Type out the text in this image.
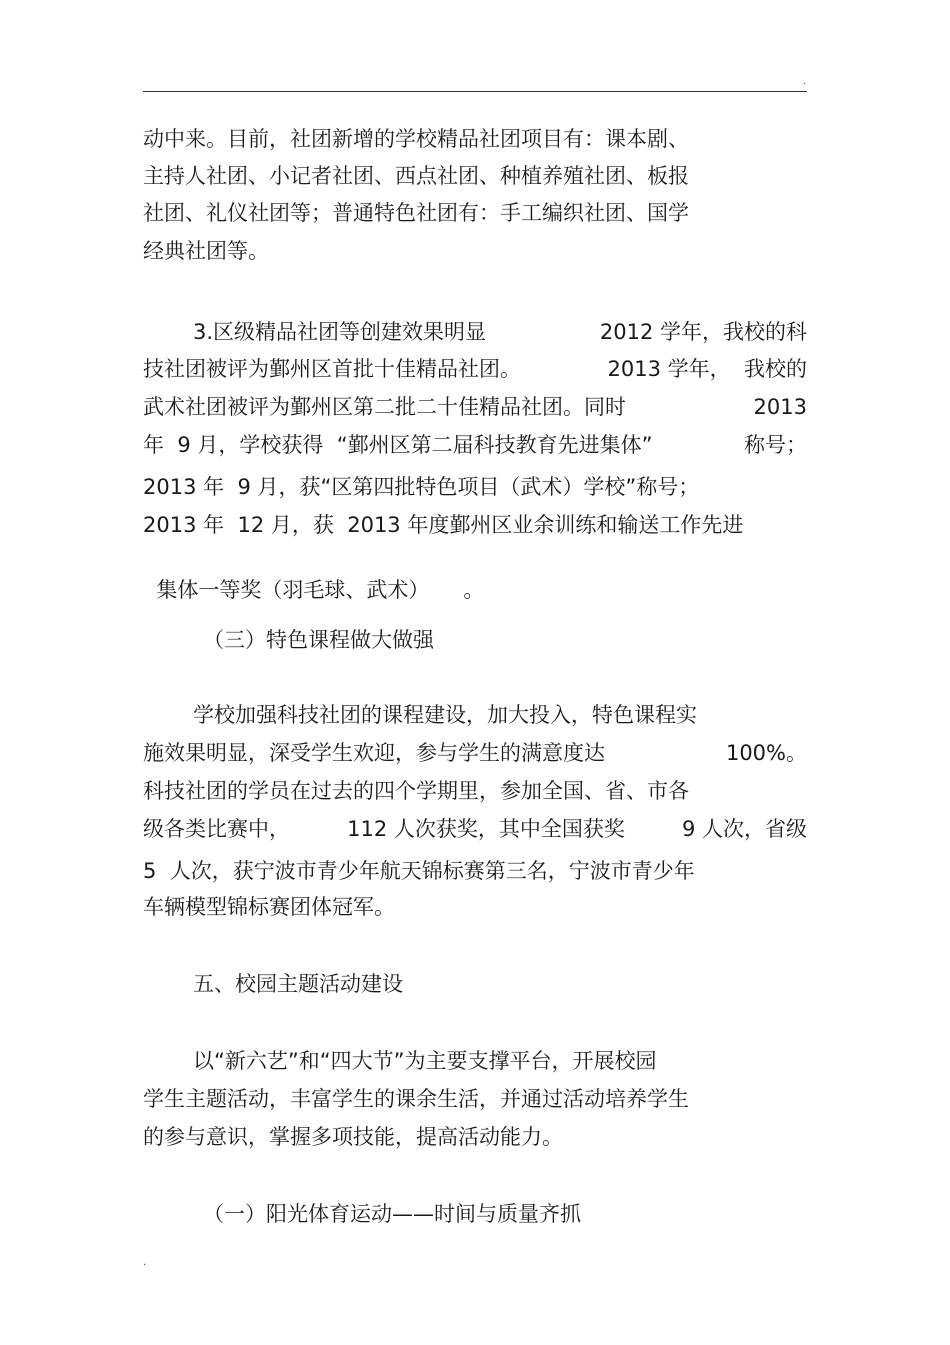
.
动中来。目前，社团新增的学校精品社团项目有：课本剧、
主持人社团、小记者社团、西点社团、种植养殖社团、板报
社团、礼仪社团等；普通特色社团有：手工编织社团、国学
经典社团等。
3.区级精品社团等创建效果明显	2012 学年，我校的科
技社团被评为鄞州区首批十佳精品社团。	2013 学年，  我校的
武术社团被评为鄞州区第二批二十佳精品社团。同时	2013
年  9 月，学校获得  “鄞州区第二届科技教育先进集体”	称号；
2013 年  9 月，获“区第四批特色项目（武术）学校”称号；
2013 年  12 月，获  2013 年度鄞州区业余训练和输送工作先进

集体一等奖（羽毛球、武术） 。

（三）特色课程做大做强
学校加强科技社团的课程建设，加大投入，特色课程实
施效果明显，深受学生欢迎，参与学生的满意度达	100%。
科技社团的学员在过去的四个学期里，参加全国、省、市各
级各类比赛中，	112 人次获奖，其中全国获奖	9 人次，省级
5  人次，获宁波市青少年航天锦标赛第三名，宁波市青少年
车辆模型锦标赛团体冠军。
五、校园主题活动建设
以“新六艺”和“四大节”为主要支撑平台，开展校园
学生主题活动，丰富学生的课余生活，并通过活动培养学生
的参与意识，掌握多项技能，提高活动能力。
（一）阳光体育运动——时间与质量齐抓
.
